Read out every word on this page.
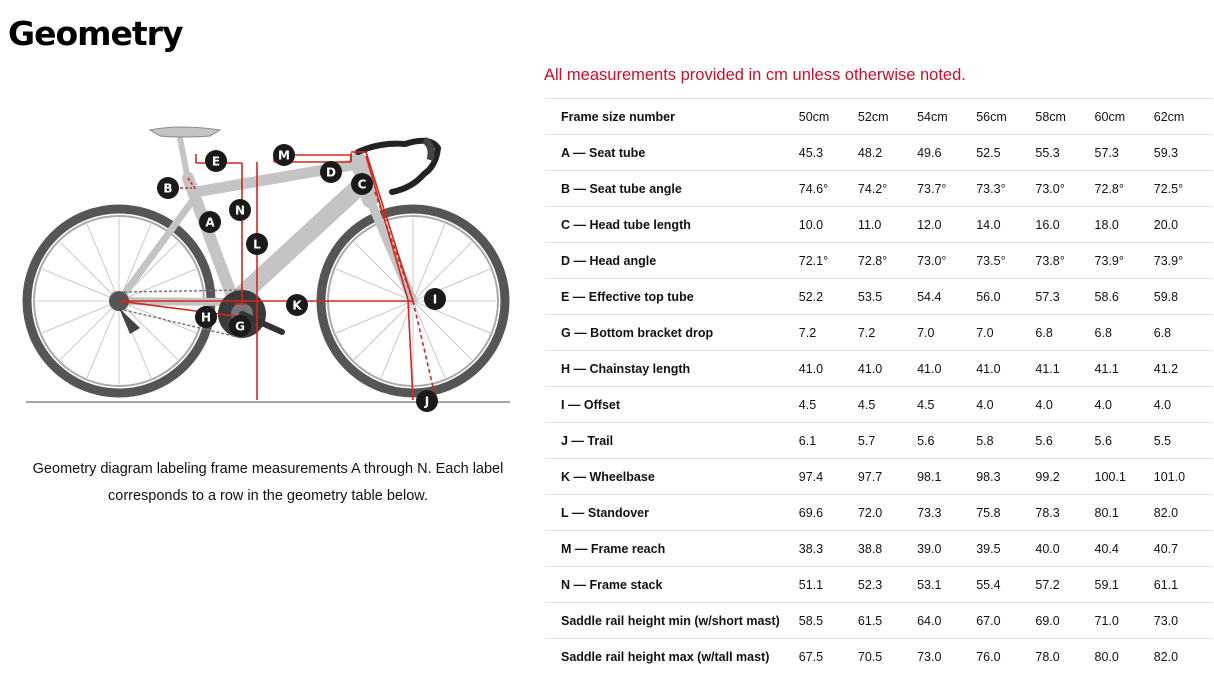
Geometry
A
B	C
D
E
G
H
I
J
K
L
M
N
Geometry diagram labeling frame measurements A through N. Each label corresponds to a row in the geometry table below.

All measurements provided in cm unless otherwise noted.

Frame size number	50cm	52cm	54cm	56cm	58cm	60cm	62cm
A — Seat tube	45.3	48.2	49.6	52.5	55.3	57.3	59.3
B — Seat tube angle	74.6°	74.2°	73.7°	73.3°	73.0°	72.8°	72.5°
C — Head tube length	10.0	11.0	12.0	14.0	16.0	18.0	20.0
D — Head angle	72.1°	72.8°	73.0°	73.5°	73.8°	73.9°	73.9°
E — Effective top tube	52.2	53.5	54.4	56.0	57.3	58.6	59.8
G — Bottom bracket drop	7.2	7.2	7.0	7.0	6.8	6.8	6.8
H — Chainstay length	41.0	41.0	41.0	41.0	41.1	41.1	41.2
I — Offset	4.5	4.5	4.5	4.0	4.0	4.0	4.0
J — Trail	6.1	5.7	5.6	5.8	5.6	5.6	5.5
K — Wheelbase	97.4	97.7	98.1	98.3	99.2	100.1	101.0
L — Standover	69.6	72.0	73.3	75.8	78.3	80.1	82.0
M — Frame reach	38.3	38.8	39.0	39.5	40.0	40.4	40.7
N — Frame stack	51.1	52.3	53.1	55.4	57.2	59.1	61.1
Saddle rail height min (w/short mast)	58.5	61.5	64.0	67.0	69.0	71.0	73.0
Saddle rail height max (w/tall mast)	67.5	70.5	73.0	76.0	78.0	80.0	82.0
